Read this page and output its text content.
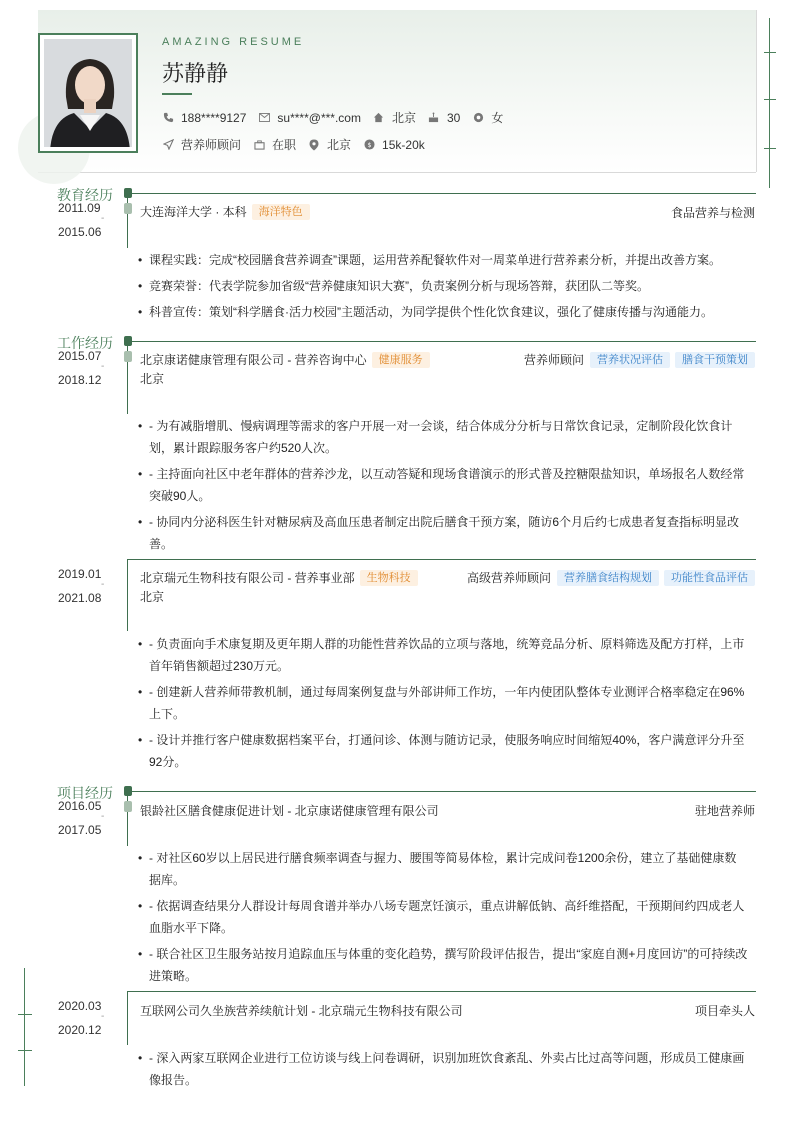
AMAZING RESUME
苏静静
188****9127	su****@***.com	北京	30	女
营养师顾问	在职	北京 $ 15k-20k
教育经历
2011.09
-
2015.06
大连海洋大学 · 本科	海洋特色	食品营养与检测
• 课程实践：完成“校园膳食营养调查”课题，运用营养配餐软件对一周菜单进行营养素分析，并提出改善方案。
• 竞赛荣誉：代表学院参加省级“营养健康知识大赛”，负责案例分析与现场答辩，获团队二等奖。
• 科普宣传：策划“科学膳食·活力校园”主题活动，为同学提供个性化饮食建议，强化了健康传播与沟通能力。
工作经历
2015.07
-
2018.12
北京康诺健康管理有限公司 - 营养咨询中心	健康服务	营养师顾问	营养状况评估	膳食干预策划
北京
• - 为有减脂增肌、慢病调理等需求的客户开展一对一会谈，结合体成分分析与日常饮食记录，定制阶段化饮食计划，累计跟踪服务客户约520人次。
• - 主持面向社区中老年群体的营养沙龙，以互动答疑和现场食谱演示的形式普及控糖限盐知识，单场报名人数经常突破90人。
• - 协同内分泌科医生针对糖尿病及高血压患者制定出院后膳食干预方案，随访6个月后约七成患者复查指标明显改善。
2019.01
-
2021.08
北京瑞元生物科技有限公司 - 营养事业部	生物科技	高级营养师顾问	营养膳食结构规划	功能性食品评估
北京
• - 负责面向手术康复期及更年期人群的功能性营养饮品的立项与落地，统筹竞品分析、原料筛选及配方打样，上市首年销售额超过230万元。
• - 创建新人营养师带教机制，通过每周案例复盘与外部讲师工作坊，一年内使团队整体专业测评合格率稳定在96%上下。
• - 设计并推行客户健康数据档案平台，打通问诊、体测与随访记录，使服务响应时间缩短40%，客户满意评分升至92分。
项目经历
2016.05
-
2017.05
银龄社区膳食健康促进计划 - 北京康诺健康管理有限公司	驻地营养师
• - 对社区60岁以上居民进行膳食频率调查与握力、腰围等简易体检，累计完成问卷1200余份，建立了基础健康数据库。
• - 依据调查结果分人群设计每周食谱并举办八场专题烹饪演示，重点讲解低钠、高纤维搭配，干预期间约四成老人血脂水平下降。
• - 联合社区卫生服务站按月追踪血压与体重的变化趋势，撰写阶段评估报告，提出“家庭自测+月度回访”的可持续改进策略。
2020.03
-
2020.12
互联网公司久坐族营养续航计划 - 北京瑞元生物科技有限公司	项目牵头人
• - 深入两家互联网企业进行工位访谈与线上问卷调研，识别加班饮食紊乱、外卖占比过高等问题，形成员工健康画像报告。
